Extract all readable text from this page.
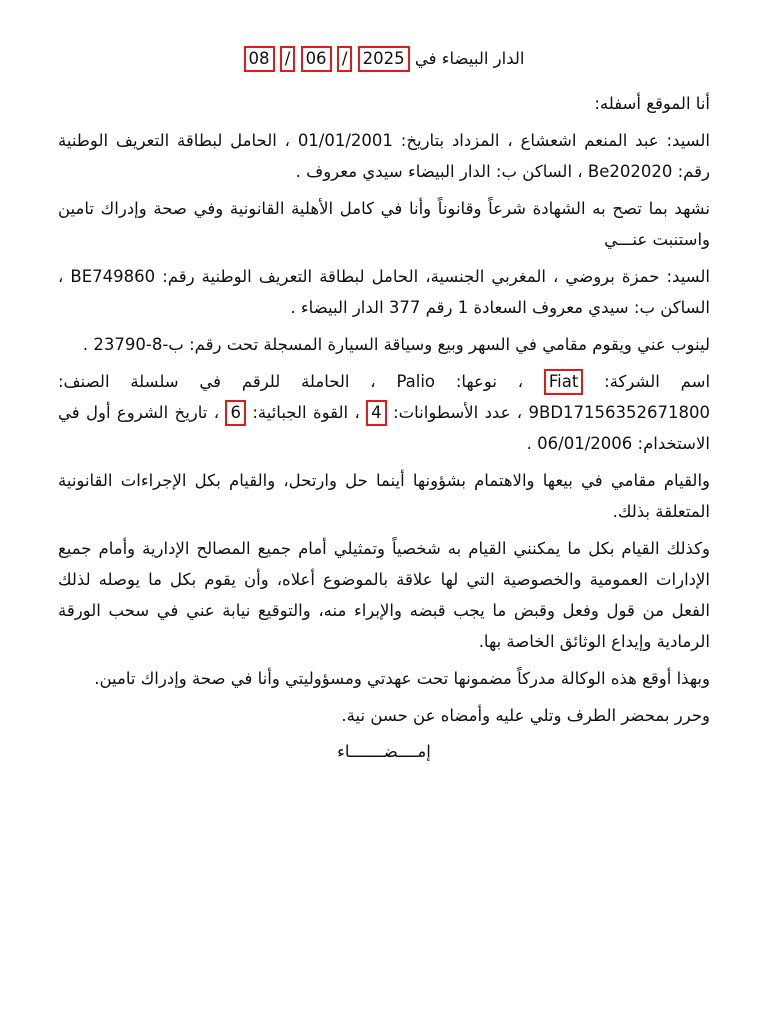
الدار البيضاء في 08 / 06 / 2025

أنا الموقع أسفله:

السيد: عبد المنعم اشعشاع ، المزداد بتاريخ: 01/01/2001 ، الحامل لبطاقة التعريف الوطنية رقم: Be202020 ، الساكن ب: الدار البيضاء سيدي معروف .

نشهد بما تصح به الشهادة شرعاً وقانوناً وأنا في كامل الأهلية القانونية وفي صحة وإدراك تامين واستنبت عنـــي

السيد: حمزة بروضي ، المغربي الجنسية، الحامل لبطاقة التعريف الوطنية رقم: BE749860 ، الساكن ب: سيدي معروف السعادة 1 رقم 377 الدار البيضاء .

لينوب عني ويقوم مقامي في السهر وبيع وسياقة السيارة المسجلة تحت رقم: 23790-ب-8 .

اسم الشركة: Fiat ، نوعها: Palio ، الحاملة للرقم في سلسلة الصنف: 9BD17156352671800 ، عدد الأسطوانات: 4 ، القوة الجبائية: 6 ، تاريخ الشروع أول في الاستخدام: 06/01/2006 .

والقيام مقامي في بيعها والاهتمام بشؤونها أينما حل وارتحل، والقيام بكل الإجراءات القانونية المتعلقة بذلك.

وكذلك القيام بكل ما يمكنني القيام به شخصياً وتمثيلي أمام جميع المصالح الإدارية وأمام جميع الإدارات العمومية والخصوصية التي لها علاقة بالموضوع أعلاه، وأن يقوم بكل ما يوصله لذلك الفعل من قول وفعل وقبض ما يجب قبضه والإبراء منه، والتوقيع نيابة عني في سحب الورقة الرمادية وإيداع الوثائق الخاصة بها.

وبهذا أوقع هذه الوكالة مدركاً مضمونها تحت عهدتي ومسؤوليتي وأنا في صحة وإدراك تامين.

وحرر بمحضر الطرف وتلي عليه وأمضاه عن حسن نية.

إمــــضـــــــاء
